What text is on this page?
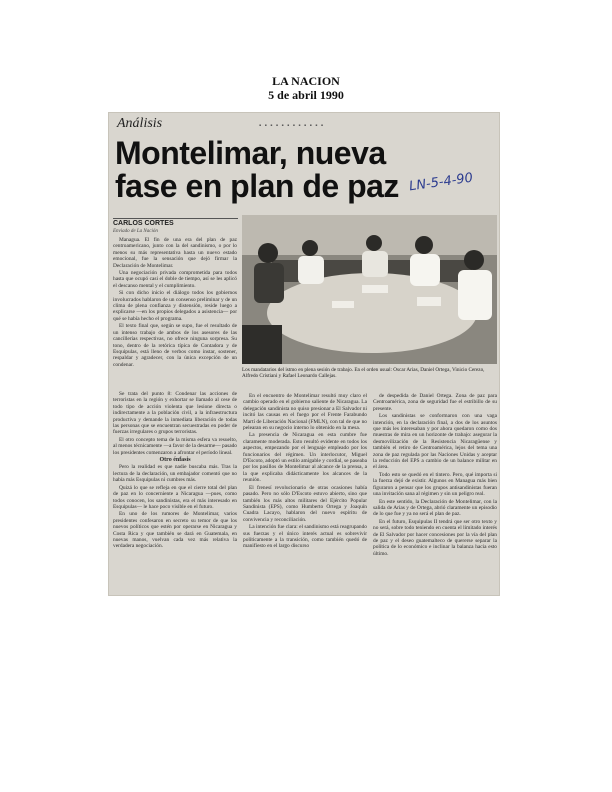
LA NACION
5 de abril 1990
Análisis	▪ ▪ ▪ ▪ ▪ ▪ ▪ ▪ ▪ ▪ ▪ ▪
Montelimar, nueva
fase en plan de paz LN-5-4-90
CARLOS CORTES
Enviado de La Nación
Los mandatarios del istmo en plena sesión de trabajo. En el orden usual: Oscar Arias, Daniel Ortega, Vinicio Cerezo, Alfredo Cristiani y Rafael Leonardo Callejas.

Managua. El fin de una era del plan de paz centroamericano, junto con la del sandinismo, o por lo menos su más representativa hasta un nuevo estado emocional, fue la sensación que dejó firmar la Declaración de Montelimar.

Una negociación privada comprometida para todos hasta que ocupó casi el doble de tiempo, así se les aplicó el descanso mental y el cumplimiento.

Si con dicho inicio el diálogo todos los gobiernos involucrados hablaron de un consenso preliminar y de un clima de plena confianza y distensión, reside luego a explicarse —en los propios delegados a asistencia— por qué se había hecho el programa.

El texto final que, según se supo, fue el resultado de un intenso trabajo de ambos de los asesores de las cancillerías respectivas, no ofrece ninguna sorpresa. Su tono, dentro de la retórica típica de Contadora y de Esquipulas, está lleno de verbos como instar, sostener, respaldar y agradecer, con la única excepción de un condenar.

Se trata del punto 8: Condenar las acciones de terroristas en la región y exhortar se llamado al cese de todo tipo de acción violenta que lesione directa o indirectamente a la población civil, a la infraestructura productiva y demande la inmediata liberación de todas las personas que se encuentran secuestradas en poder de fuerzas irregulares o grupos terroristas.

El otro concepto tema de la misma esfera va resuelto, al menos técnicamente —a favor de la desarme— pasado los presidentes comenzaron a afrontar el período lineal.

Otro énfasis

Pero la realidad es que nadie buscaba más. Tras la lectura de la declaración, un embajador comentó que no había más Esquipulas ni cumbres más.

Quizá lo que se refleja en que el cierre total del plan de paz en lo concerniente a Nicaragua —pues, como todos conocen, los sandinistas, era el más interesado en Esquipulas— le hace poco visible en el futuro.

En uno de los rumores de Montelimar, varios presidentes confesaron en secreto su temor de que los nuevos políticos que estén por operarse en Nicaragua y Costa Rica y que también se dará en Guatemala, en nuevas manos, vuelvan cada vez más relativa la verdadera negociación.

En el encuentro de Montelimar resultó muy claro el cambio operado en el gobierno saliente de Nicaragua. La delegación sandinista no quiso presionar a El Salvador ni incitó las causas en el fuego por el Frente Farabundo Martí de Liberación Nacional (FMLN), con tal de que no pelearan en su negocio interno lo obtenido en la mesa.

La presencia de Nicaragua en esta cumbre fue claramente moderada. Esto resultó evidente en todos los aspectos, empezando por el lenguaje empleado por los funcionarios del régimen. Un interlocutor, Miguel D'Escoto, adoptó un estilo amigable y cordial, se paseaba por los pasillos de Montelimar al alcance de la prensa, a la que explicaba didácticamente los alcances de la reunión.

El frenesí revolucionario de otras ocasiones había pasado. Pero no sólo D'Escoto estuvo abierto, sino que también los más altos militares del Ejército Popular Sandinista (EPS), como Humberto Ortega y Joaquín Cuadra Lacayo, hablaron del nuevo espíritu de convivencia y reconciliación.

La intención fue clara: el sandinismo está reagrupando sus fuerzas y el único interés actual es sobrevivir políticamente a la transición, como también quedó de manifiesto en el largo discurso

de despedida de Daniel Ortega. Zona de paz para Centroamérica, zona de seguridad fue el estribillo de su presente.

Los sandinistas se conformaron con una vaga intención, en la declaración final, a dos de los asuntos que más les interesaban y por ahora quedaron como dos muestras de mira en un horizonte de trabajo: asegurar la desmovilización de la Resistencia Nicaragüense y también el retiro de Centroamérica, lejos del tema una zona de paz regulada por las Naciones Unidas y aceptar la reducción del EPS a cambio de un balance militar en el área.

Todo esto se quedó en el tintero. Pero, qué importa si la fuerza dejó de existir. Algunos en Managua más bien figuraron a pensar que los grupos antisandinistas fueran una invitación sana al régimen y sin un peligro real.

En este sentido, la Declaración de Montelimar, con la salida de Arias y de Ortega, abrió claramente un episodio de lo que fue y ya no será el plan de paz.

En el futuro, Esquipulas II tendrá que ser otro texto y no será, sobre todo teniendo en cuenta el limitado interés de El Salvador por hacer concesiones por la vía del plan de paz y el deseo guatemalteco de quererse separar la política de lo económico e inclinar la balanza hacia esto último.
